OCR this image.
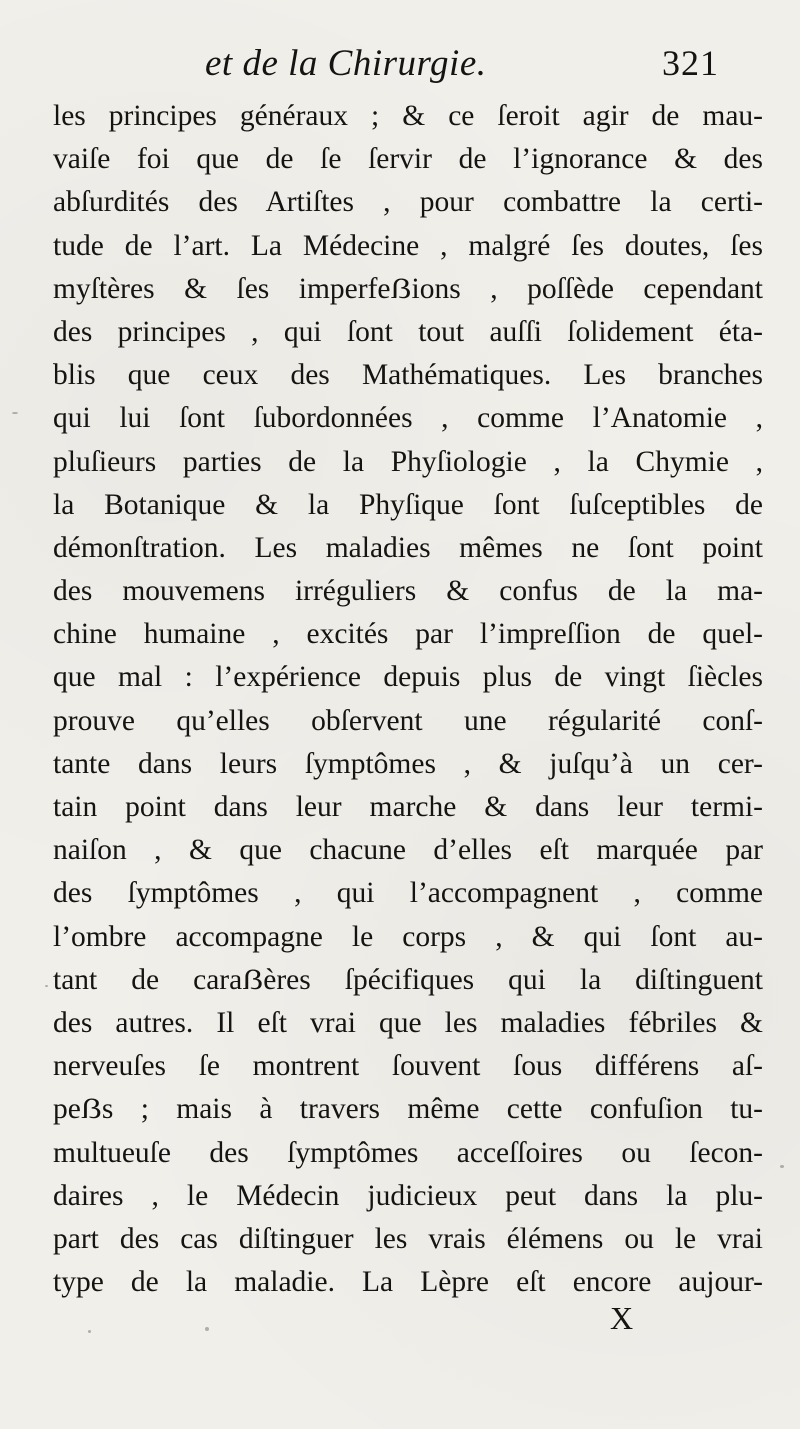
et de la Chirurgie.	321
les principes généraux ; & ce ſeroit agir de mau-
vaiſe foi que de ſe ſervir de l’ignorance & des
abſurdités des Artiſtes , pour combattre la certi-
tude de l’art. La Médecine , malgré ſes doutes, ſes
myſtères & ſes imperfeẞions , poſſède cependant
des principes , qui ſont tout auſſi ſolidement éta-
blis que ceux des Mathématiques. Les branches
qui lui ſont ſubordonnées , comme l’Anatomie ,
pluſieurs parties de la Phyſiologie , la Chymie ,
la Botanique & la Phyſique ſont ſuſceptibles de
démonſtration. Les maladies mêmes ne ſont point
des mouvemens irréguliers & confus de la ma-
chine humaine , excités par l’impreſſion de quel-
que mal : l’expérience depuis plus de vingt ſiècles
prouve qu’elles obſervent une régularité conſ-
tante dans leurs ſymptômes , & juſqu’à un cer-
tain point dans leur marche & dans leur termi-
naiſon , & que chacune d’elles eſt marquée par
des ſymptômes , qui l’accompagnent , comme
l’ombre accompagne le corps , & qui ſont au-
tant de caraẞères ſpécifiques qui la diſtinguent
des autres. Il eſt vrai que les maladies fébriles &
nerveuſes ſe montrent ſouvent ſous différens aſ-
peẞs ; mais à travers même cette confuſion tu-
multueuſe des ſymptômes acceſſoires ou ſecon-
daires , le Médecin judicieux peut dans la plu-
part des cas diſtinguer les vrais élémens ou le vrai
type de la maladie. La Lèpre eſt encore aujour-
X
